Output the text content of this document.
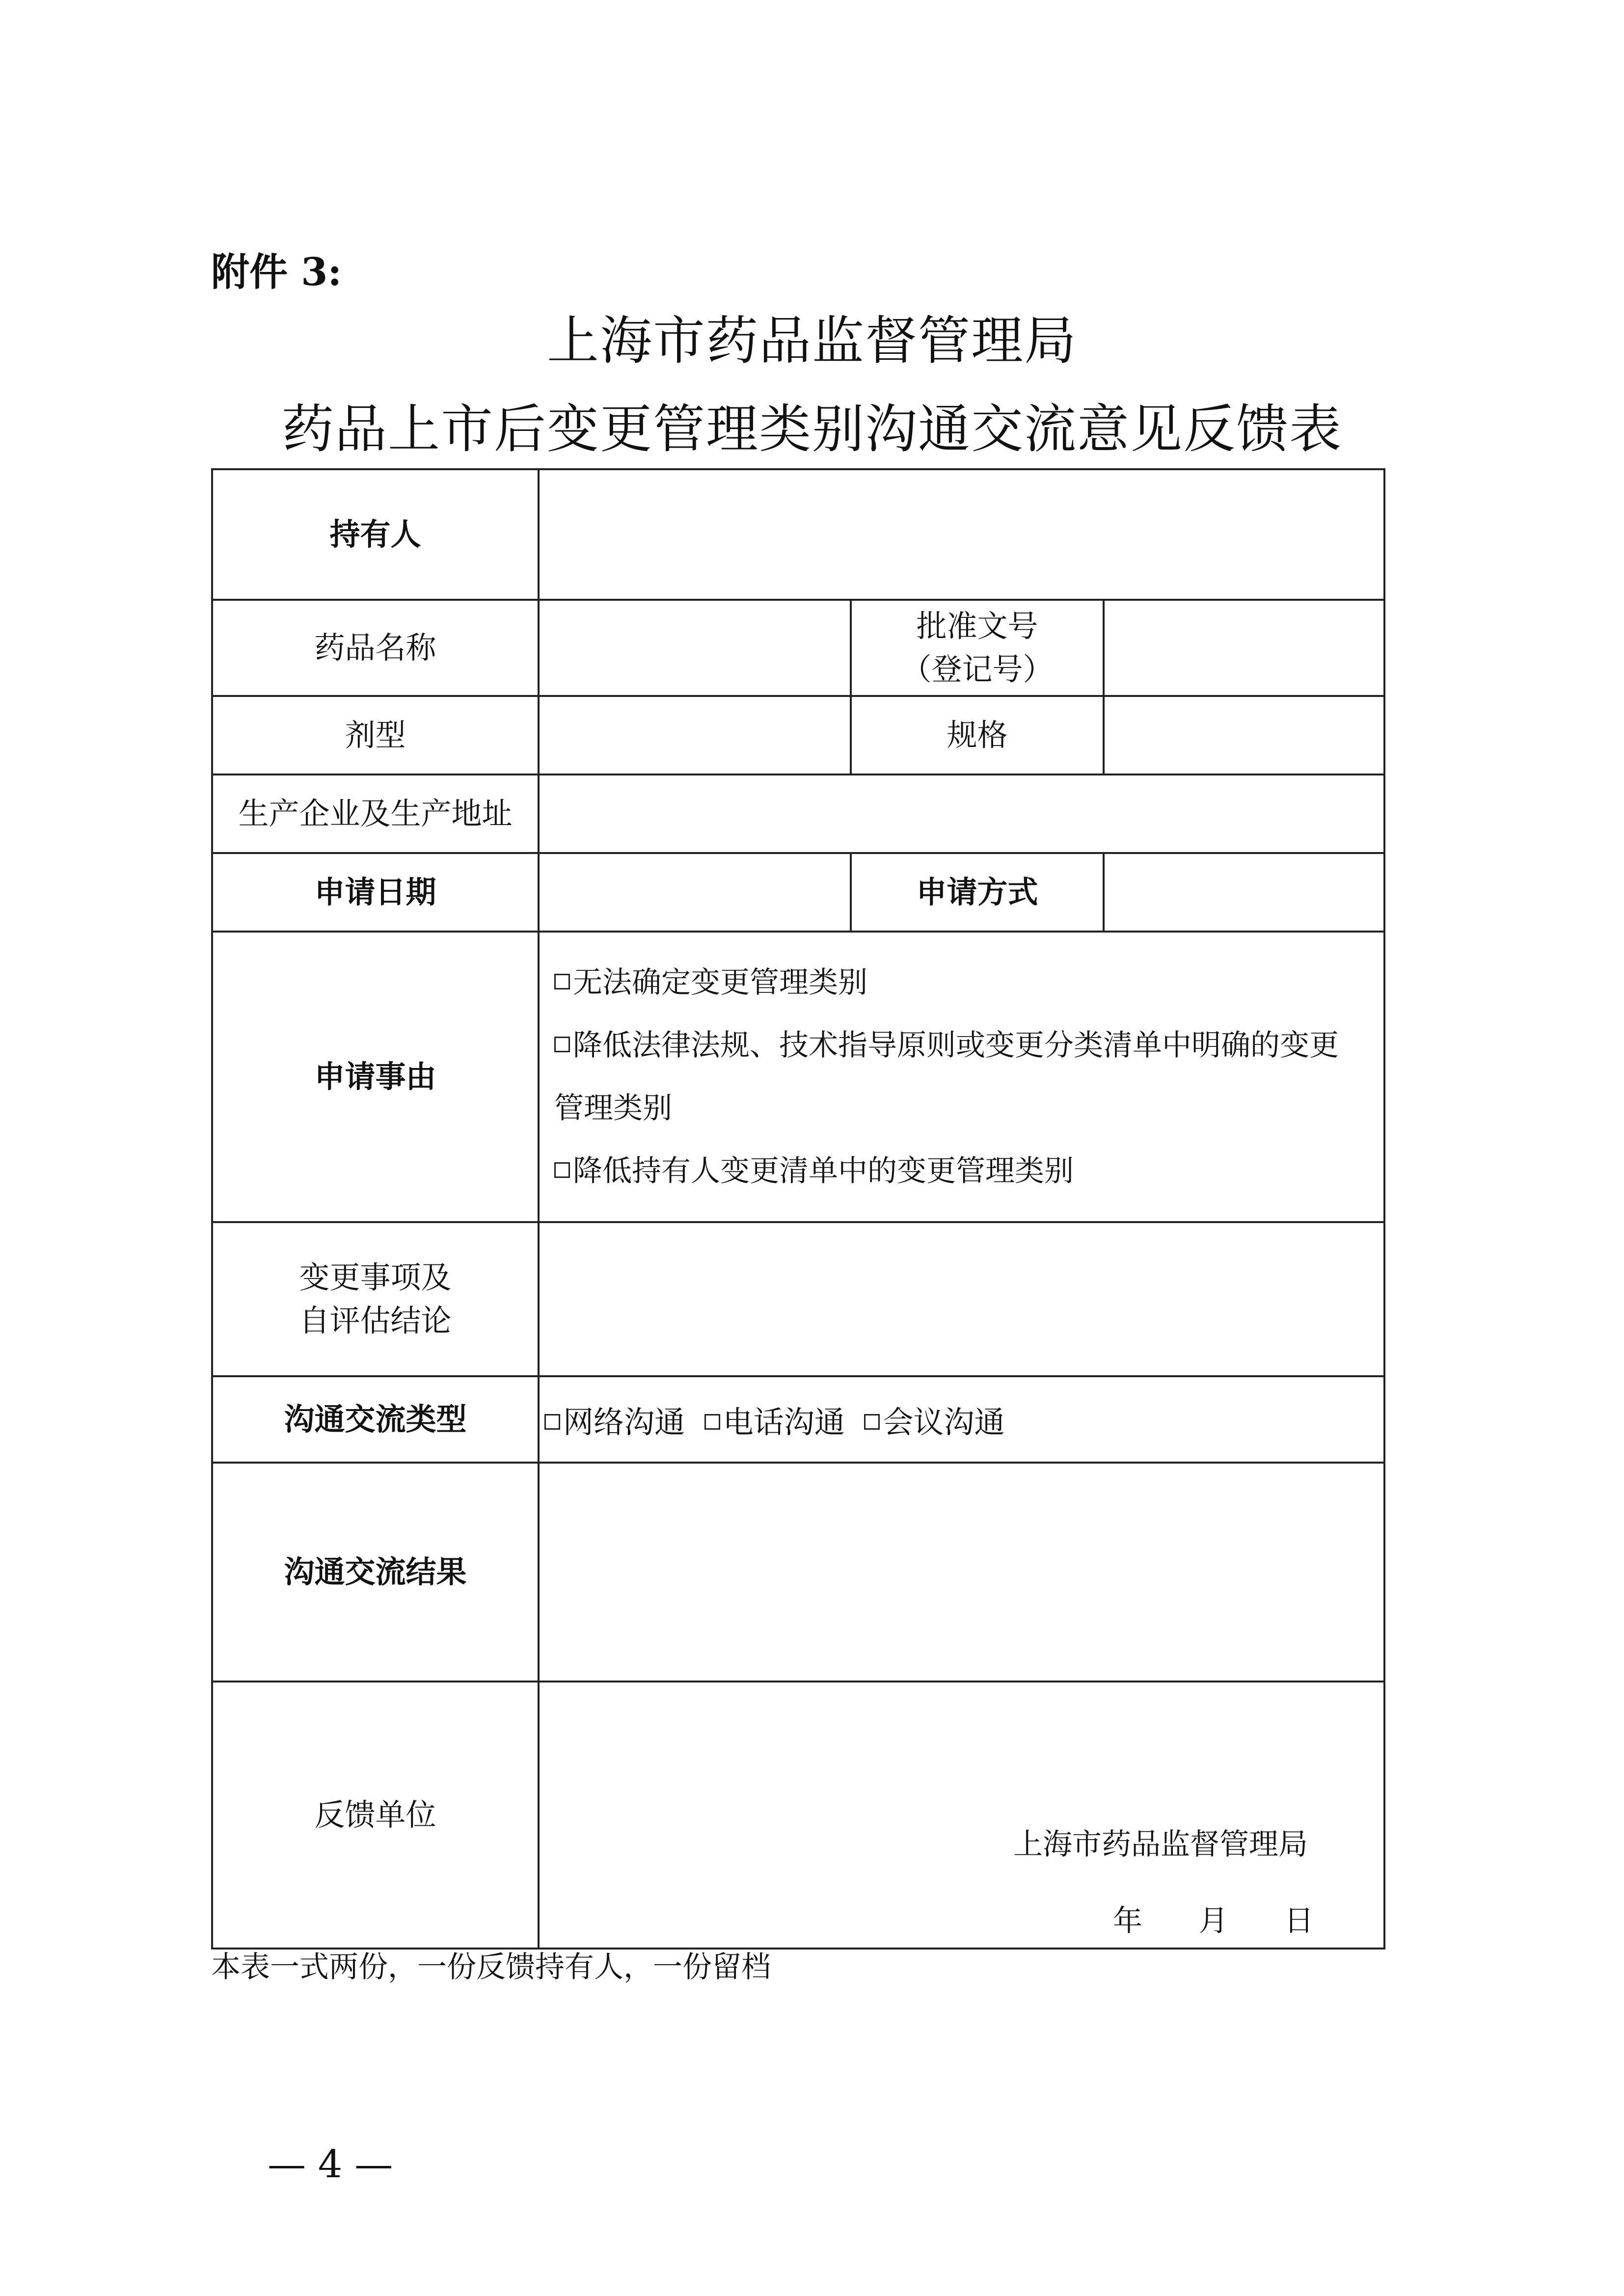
附件 3:
上海市药品监督管理局
药品上市后变更管理类别沟通交流意见反馈表
持有人			
药品名称		批准文号
（登记号）	

剂型		规格	
生产企业及生产地址			
申请日期		申请方式	
申请事由	无法确定变更管理类别
降低法律法规、技术指导原则或变更分类清单中明确的变更管理类别
降低持有人变更清单中的变更管理类别		

变更事项及
自评估结论			

沟通交流类型	网络沟通 电话沟通 会议沟通		
沟通交流结果			
反馈单位	上海市药品监督管理局
年 月 日		
本表一式两份，一份反馈持有人，一份留档
— 4 —
